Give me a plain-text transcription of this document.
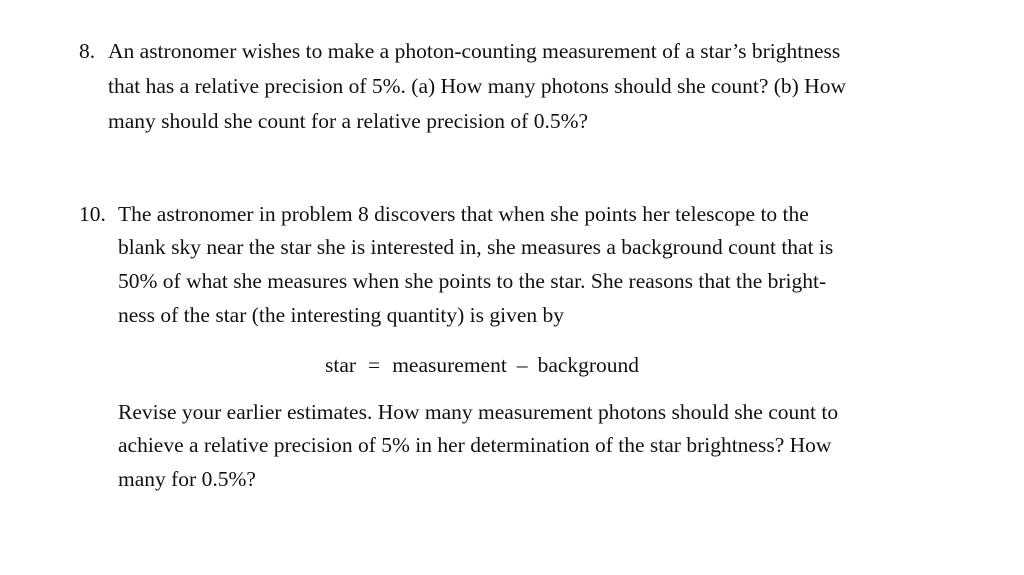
8. An astronomer wishes to make a photon-counting measurement of a star’s brightness
that has a relative precision of 5%. (a) How many photons should she count? (b) How
many should she count for a relative precision of 0.5%?
10. The astronomer in problem 8 discovers that when she points her telescope to the
blank sky near the star she is interested in, she measures a background count that is
50% of what she measures when she points to the star. She reasons that the bright-
ness of the star (the interesting quantity) is given by
star = measurement – background
Revise your earlier estimates. How many measurement photons should she count to
achieve a relative precision of 5% in her determination of the star brightness? How
many for 0.5%?
